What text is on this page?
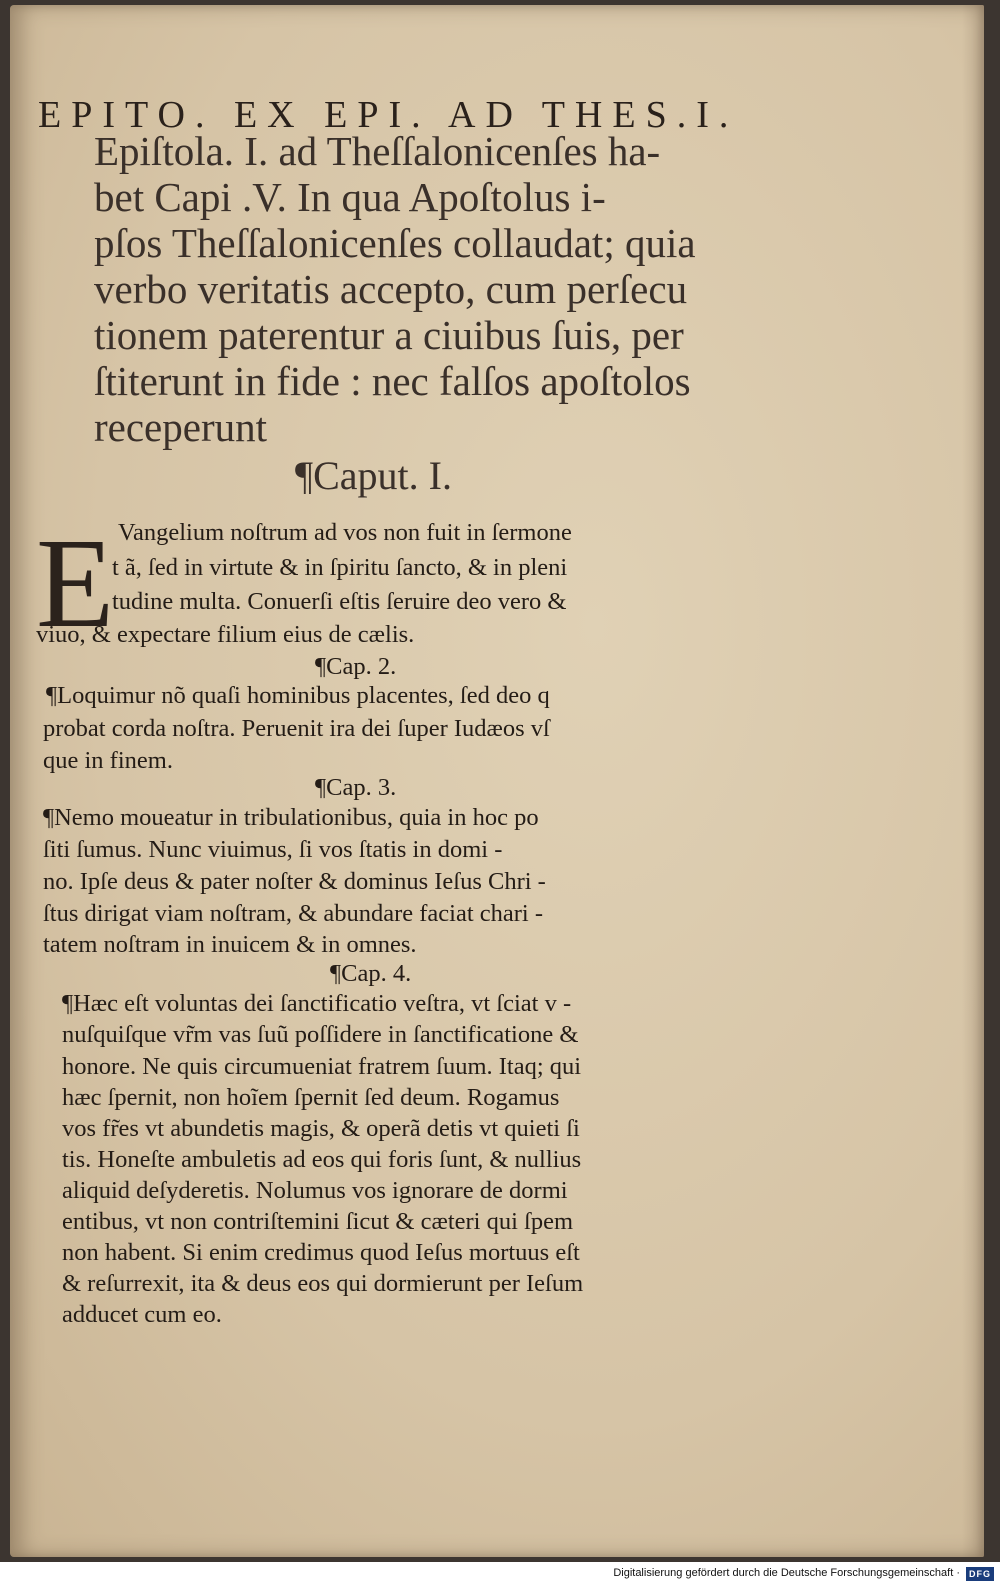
EPITO. EX EPI. AD THES.I.
Epiſtola. I. ad Theſſalonicenſes ha-
bet Capi .V. In qua Apoſtolus i-
pſos Theſſalonicenſes collaudat; quia
verbo veritatis accepto, cum perſecu
tionem paterentur a ciuibus ſuis, per
ſtiterunt in fide : nec falſos apoſtolos
receperunt
¶Caput. I.
E Vangelium noſtrum ad vos non fuit in ſermone
t ã, ſed in virtute & in ſpiritu ſancto, & in pleni
tudine multa. Conuerſi eſtis ſeruire deo vero &
viuo, & expectare filium eius de cælis.
¶Cap. 2.
¶Loquimur nõ quaſi hominibus placentes, ſed deo q
probat corda noſtra. Peruenit ira dei ſuper Iudæos vſ
que in finem.
¶Cap. 3.
¶Nemo moueatur in tribulationibus, quia in hoc po
ſiti ſumus. Nunc viuimus, ſi vos ſtatis in domi -
no. Ipſe deus & pater noſter & dominus Ieſus Chri -
ſtus dirigat viam noſtram, & abundare faciat chari -
tatem noſtram in inuicem & in omnes.
¶Cap. 4.
¶Hæc eſt voluntas dei ſanctificatio veſtra, vt ſciat v -
nuſquiſque vr̃m vas ſuũ poſſidere in ſanctificatione &
honore. Ne quis circumueniat fratrem ſuum. Itaq; qui
hæc ſpernit, non hoĩem ſpernit ſed deum. Rogamus
vos fr̃es vt abundetis magis, & operã detis vt quieti ſi
tis. Honeſte ambuletis ad eos qui foris ſunt, & nullius
aliquid deſyderetis. Nolumus vos ignorare de dormi
entibus, vt non contriſtemini ſicut & cæteri qui ſpem
non habent. Si enim credimus quod Ieſus mortuus eſt
& reſurrexit, ita & deus eos qui dormierunt per Ieſum
adducet cum eo.
Digitalisierung gefördert durch die Deutsche Forschungsgemeinschaft ·	DFG
